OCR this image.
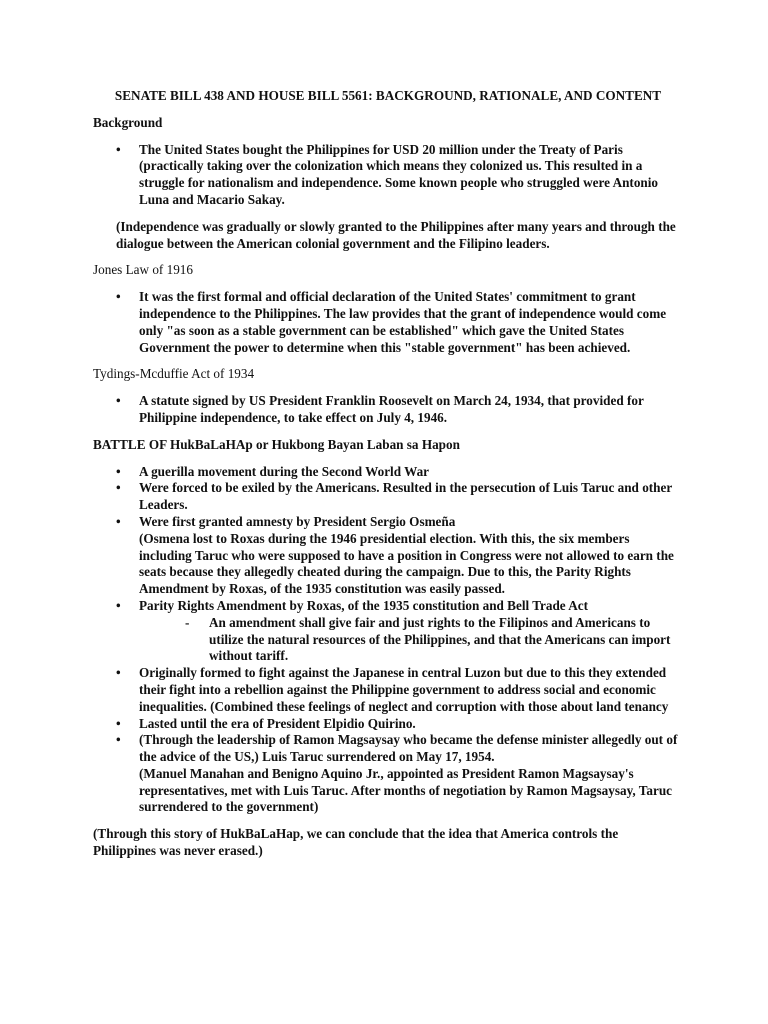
SENATE BILL 438 AND HOUSE BILL 5561: BACKGROUND, RATIONALE, AND CONTENT

Background

• The United States bought the Philippines for USD 20 million under the Treaty of Paris (practically taking over the colonization which means they colonized us. This resulted in a struggle for nationalism and independence. Some known people who struggled were Antonio Luna and Macario Sakay.

(Independence was gradually or slowly granted to the Philippines after many years and through the dialogue between the American colonial government and the Filipino leaders.

Jones Law of 1916

• It was the first formal and official declaration of the United States' commitment to grant independence to the Philippines. The law provides that the grant of independence would come only "as soon as a stable government can be established" which gave the United States Government the power to determine when this "stable government" has been achieved.

Tydings-Mcduffie Act of 1934

• A statute signed by US President Franklin Roosevelt on March 24, 1934, that provided for Philippine independence, to take effect on July 4, 1946.

BATTLE OF HukBaLaHAp or Hukbong Bayan Laban sa Hapon

• A guerilla movement during the Second World War
• Were forced to be exiled by the Americans. Resulted in the persecution of Luis Taruc and other Leaders.
• Were first granted amnesty by President Sergio Osmeña
(Osmena lost to Roxas during the 1946 presidential election. With this, the six members including Taruc who were supposed to have a position in Congress were not allowed to earn the seats because they allegedly cheated during the campaign. Due to this, the Parity Rights Amendment by Roxas, of the 1935 constitution was easily passed.
• Parity Rights Amendment by Roxas, of the 1935 constitution and Bell Trade Act
- An amendment shall give fair and just rights to the Filipinos and Americans to utilize the natural resources of the Philippines, and that the Americans can import without tariff.
• Originally formed to fight against the Japanese in central Luzon but due to this they extended their fight into a rebellion against the Philippine government to address social and economic inequalities. (Combined these feelings of neglect and corruption with those about land tenancy
• Lasted until the era of President Elpidio Quirino.
• (Through the leadership of Ramon Magsaysay who became the defense minister allegedly out of the advice of the US,) Luis Taruc surrendered on May 17, 1954.
(Manuel Manahan and Benigno Aquino Jr., appointed as President Ramon Magsaysay's representatives, met with Luis Taruc. After months of negotiation by Ramon Magsaysay, Taruc surrendered to the government)

(Through this story of HukBaLaHap, we can conclude that the idea that America controls the Philippines was never erased.)
